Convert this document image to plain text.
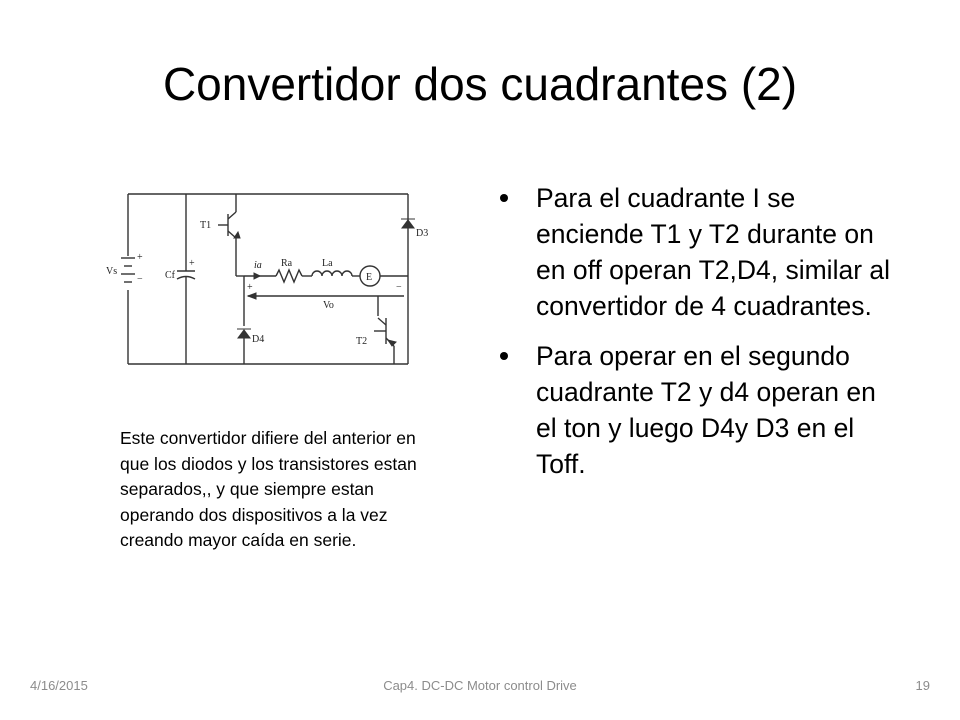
Convertidor dos cuadrantes (2)
Vs	Cf
T1
T2
D3
D4
ia Ra	La
E
Vo
+
−
+
+	−
Para el cuadrante I se enciende T1 y T2 durante on en off operan T2,D4, similar al convertidor de 4 cuadrantes.
Para operar en el segundo cuadrante T2 y d4 operan en el ton y luego D4y D3 en el Toff.

Este convertidor difiere del anterior en que los diodos y los transistores estan separados,, y que siempre estan operando dos dispositivos a la vez creando mayor caída en serie.

4/16/2015	Cap4. DC-DC Motor control Drive	19
